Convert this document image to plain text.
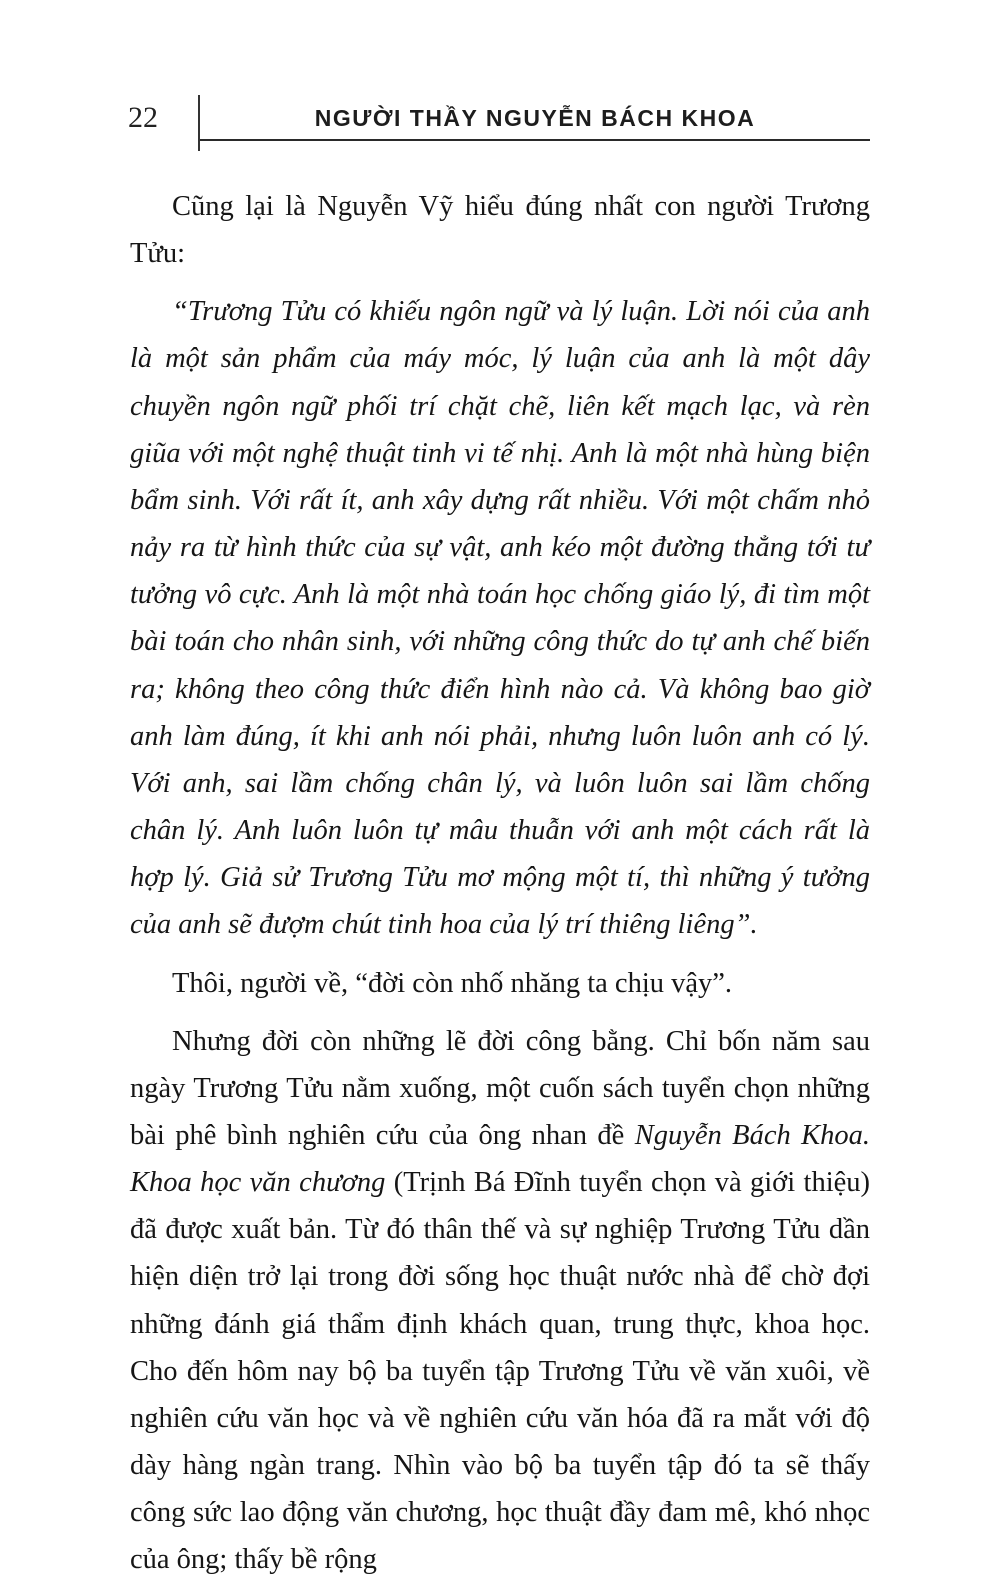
22	NGƯỜI THẦY NGUYỄN BÁCH KHOA

Cũng lại là Nguyễn Vỹ hiểu đúng nhất con người Trương Tửu:

“Trương Tửu có khiếu ngôn ngữ và lý luận. Lời nói của anh là một sản phẩm của máy móc, lý luận của anh là một dây chuyền ngôn ngữ phối trí chặt chẽ, liên kết mạch lạc, và rèn giũa với một nghệ thuật tinh vi tế nhị. Anh là một nhà hùng biện bẩm sinh. Với rất ít, anh xây dựng rất nhiều. Với một chấm nhỏ nảy ra từ hình thức của sự vật, anh kéo một đường thẳng tới tư tưởng vô cực. Anh là một nhà toán học chống giáo lý, đi tìm một bài toán cho nhân sinh, với những công thức do tự anh chế biến ra; không theo công thức điển hình nào cả. Và không bao giờ anh làm đúng, ít khi anh nói phải, nhưng luôn luôn anh có lý. Với anh, sai lầm chống chân lý, và luôn luôn sai lầm chống chân lý. Anh luôn luôn tự mâu thuẫn với anh một cách rất là hợp lý. Giả sử Trương Tửu mơ mộng một tí, thì những ý tưởng của anh sẽ đượm chút tinh hoa của lý trí thiêng liêng”.

Thôi, người về, “đời còn nhố nhăng ta chịu vậy”.

Nhưng đời còn những lẽ đời công bằng. Chỉ bốn năm sau ngày Trương Tửu nằm xuống, một cuốn sách tuyển chọn những bài phê bình nghiên cứu của ông nhan đề Nguyễn Bách Khoa. Khoa học văn chương (Trịnh Bá Đĩnh tuyển chọn và giới thiệu) đã được xuất bản. Từ đó thân thế và sự nghiệp Trương Tửu dần hiện diện trở lại trong đời sống học thuật nước nhà để chờ đợi những đánh giá thẩm định khách quan, trung thực, khoa học. Cho đến hôm nay bộ ba tuyển tập Trương Tửu về văn xuôi, về nghiên cứu văn học và về nghiên cứu văn hóa đã ra mắt với độ dày hàng ngàn trang. Nhìn vào bộ ba tuyển tập đó ta sẽ thấy công sức lao động văn chương, học thuật đầy đam mê, khó nhọc của ông; thấy bề rộng
